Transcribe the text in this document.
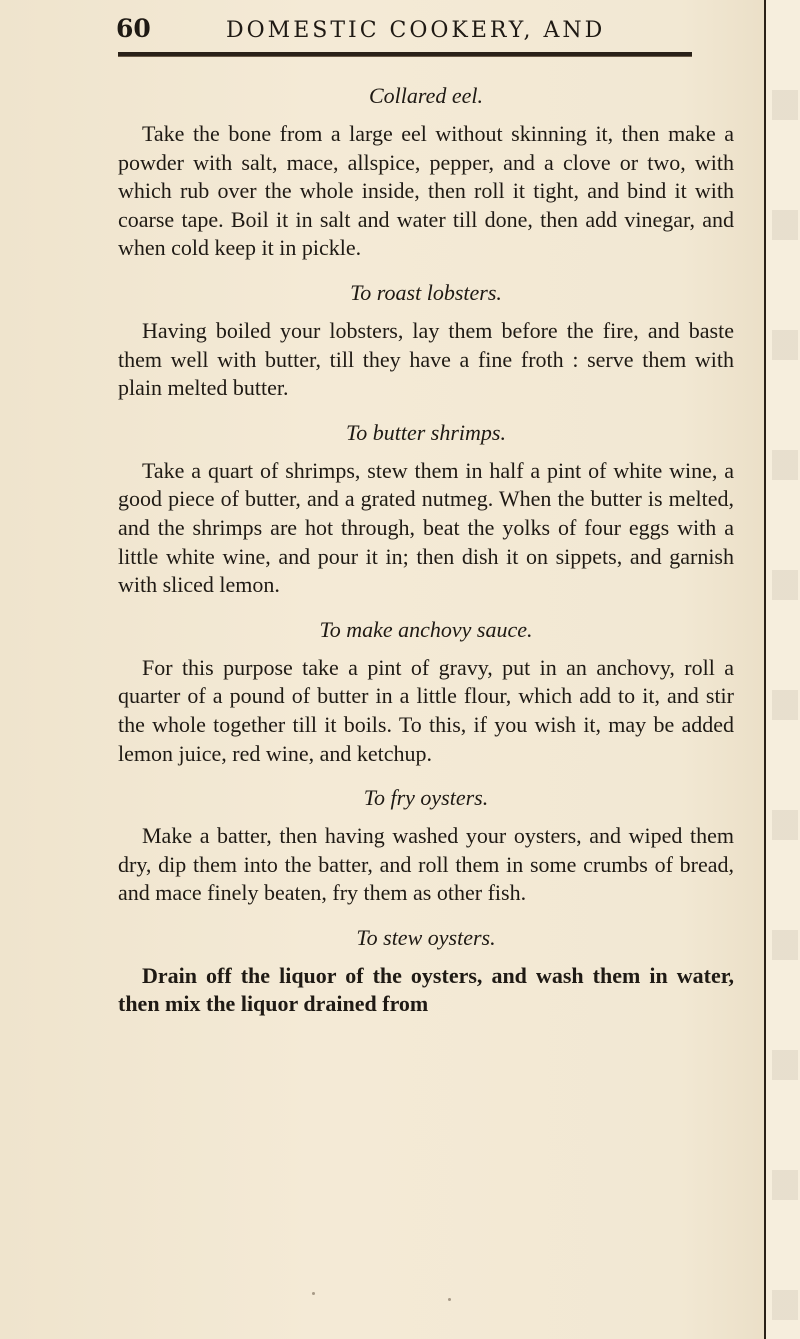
60	DOMESTIC COOKERY, AND

Collared eel.

Take the bone from a large eel without skinning it, then make a powder with salt, mace, allspice, pepper, and a clove or two, with which rub over the whole inside, then roll it tight, and bind it with coarse tape. Boil it in salt and water till done, then add vinegar, and when cold keep it in pickle.

To roast lobsters.

Having boiled your lobsters, lay them before the fire, and baste them well with butter, till they have a fine froth : serve them with plain melted butter.

To butter shrimps.

Take a quart of shrimps, stew them in half a pint of white wine, a good piece of butter, and a grated nutmeg. When the butter is melted, and the shrimps are hot through, beat the yolks of four eggs with a little white wine, and pour it in; then dish it on sippets, and garnish with sliced lemon.

To make anchovy sauce.

For this purpose take a pint of gravy, put in an anchovy, roll a quarter of a pound of butter in a little flour, which add to it, and stir the whole together till it boils. To this, if you wish it, may be added lemon juice, red wine, and ketchup.

To fry oysters.

Make a batter, then having washed your oysters, and wiped them dry, dip them into the batter, and roll them in some crumbs of bread, and mace finely beaten, fry them as other fish.

To stew oysters.

Drain off the liquor of the oysters, and wash them in water, then mix the liquor drained from
